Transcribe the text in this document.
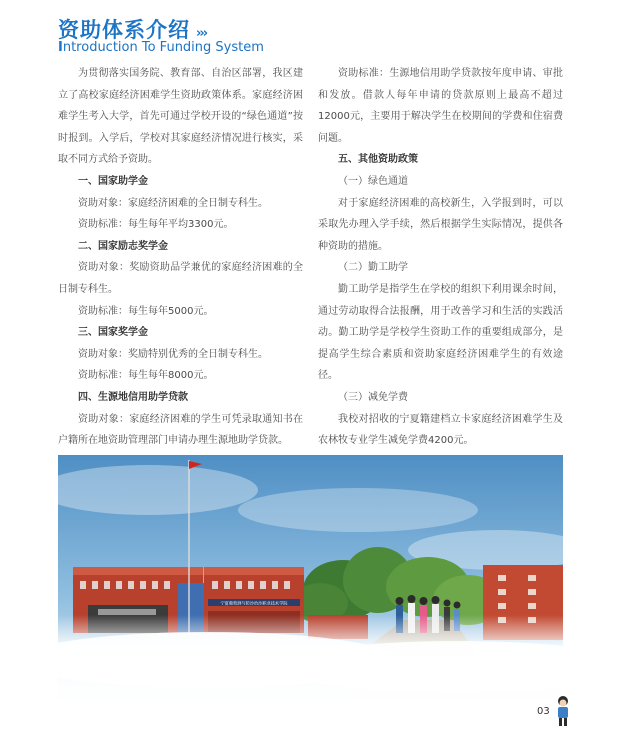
资助体系介绍 ›››
Introduction To Funding System

为贯彻落实国务院、教育部、自治区部署，我区建立了高校家庭经济困难学生资助政策体系。家庭经济困难学生考入大学，首先可通过学校开设的“绿色通道”按时报到。入学后，学校对其家庭经济情况进行核实，采取不同方式给予资助。

一、国家助学金

资助对象：家庭经济困难的全日制专科生。

资助标准：每生每年平均3300元。

二、国家励志奖学金

资助对象：奖励资助品学兼优的家庭经济困难的全日制专科生。

资助标准：每生每年5000元。

三、国家奖学金

资助对象：奖励特别优秀的全日制专科生。

资助标准：每生每年8000元。

四、生源地信用助学贷款

资助对象：家庭经济困难的学生可凭录取通知书在户籍所在地资助管理部门申请办理生源地助学贷款。

资助标准：生源地信用助学贷款按年度申请、审批和发放。借款人每年申请的贷款原则上最高不超过12000元，主要用于解决学生在校期间的学费和住宿费问题。

五、其他资助政策

（一）绿色通道

对于家庭经济困难的高校新生，入学报到时，可以采取先办理入学手续，然后根据学生实际情况，提供各种资助的措施。

（二）勤工助学

勤工助学是指学生在学校的组织下利用课余时间，通过劳动取得合法报酬，用于改善学习和生活的实践活动。勤工助学是学校学生资助工作的重要组成部分，是提高学生综合素质和资助家庭经济困难学生的有效途径。

（三）减免学费

我校对招收的宁夏籍建档立卡家庭经济困难学生及农林牧专业学生减免学费4200元。

宁夏葡萄酒与防沙治沙职业技术学院
03
